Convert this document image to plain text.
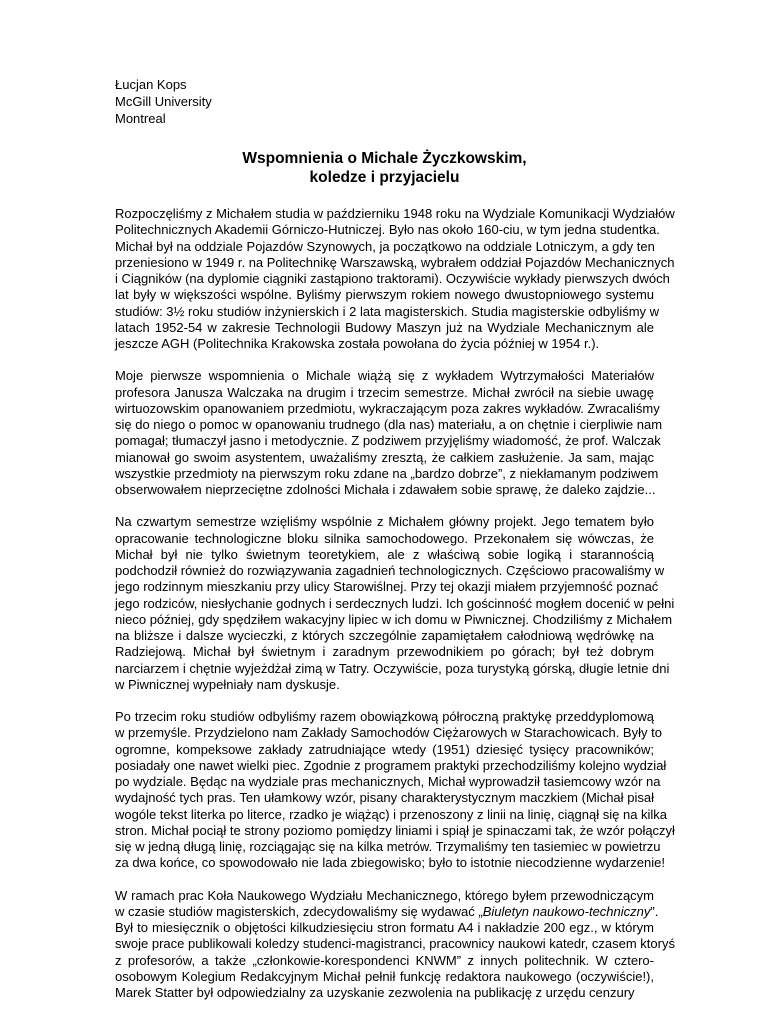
Łucjan Kops
McGill University
Montreal
Wspomnienia o Michale Życzkowskim,
koledze i przyjacielu
Rozpoczęliśmy z Michałem studia w październiku 1948 roku na Wydziale Komunikacji Wydziałów
Politechnicznych Akademii Górniczo-Hutniczej. Było nas około 160-ciu, w tym jedna studentka.
Michał był na oddziale Pojazdów Szynowych, ja początkowo na oddziale Lotniczym, a gdy ten
przeniesiono w 1949 r. na Politechnikę Warszawską, wybrałem oddział Pojazdów Mechanicznych
i Ciągników (na dyplomie ciągniki zastąpiono traktorami). Oczywiście wykłady pierwszych dwóch
lat były w większości wspólne. Byliśmy pierwszym rokiem nowego dwustopniowego systemu
studiów: 3½ roku studiów inżynierskich i 2 lata magisterskich. Studia magisterskie odbyliśmy w
latach 1952-54 w zakresie Technologii Budowy Maszyn już na Wydziale Mechanicznym ale
jeszcze AGH (Politechnika Krakowska została powołana do życia później w 1954 r.).
Moje pierwsze wspomnienia o Michale wiążą się z wykładem Wytrzymałości Materiałów
profesora Janusza Walczaka na drugim i trzecim semestrze. Michał zwrócił na siebie uwagę
wirtuozowskim opanowaniem przedmiotu, wykraczającym poza zakres wykładów. Zwracaliśmy
się do niego o pomoc w opanowaniu trudnego (dla nas) materiału, a on chętnie i cierpliwie nam
pomagał; tłumaczył jasno i metodycznie. Z podziwem przyjęliśmy wiadomość, że prof. Walczak
mianował go swoim asystentem, uważaliśmy zresztą, że całkiem zasłużenie. Ja sam, mając
wszystkie przedmioty na pierwszym roku zdane na „bardzo dobrze”, z niekłamanym podziwem
obserwowałem nieprzeciętne zdolności Michała i zdawałem sobie sprawę, że daleko zajdzie...
Na czwartym semestrze wzięliśmy wspólnie z Michałem główny projekt. Jego tematem było
opracowanie technologiczne bloku silnika samochodowego. Przekonałem się wówczas, że
Michał był nie tylko świetnym teoretykiem, ale z właściwą sobie logiką i starannością
podchodził również do rozwiązywania zagadnień technologicznych. Częściowo pracowaliśmy w
jego rodzinnym mieszkaniu przy ulicy Starowiślnej. Przy tej okazji miałem przyjemność poznać
jego rodziców, niesłychanie godnych i serdecznych ludzi. Ich gościnność mogłem docenić w pełni
nieco później, gdy spędziłem wakacyjny lipiec w ich domu w Piwnicznej. Chodziliśmy z Michałem
na bliższe i dalsze wycieczki, z których szczególnie zapamiętałem całodniową wędrówkę na
Radziejową. Michał był świetnym i zaradnym przewodnikiem po górach; był też dobrym
narciarzem i chętnie wyjeżdżał zimą w Tatry. Oczywiście, poza turystyką górską, długie letnie dni
w Piwnicznej wypełniały nam dyskusje.
Po trzecim roku studiów odbyliśmy razem obowiązkową półroczną praktykę przeddyplomową
w przemyśle. Przydzielono nam Zakłady Samochodów Ciężarowych w Starachowicach. Były to
ogromne, kompeksowe zakłady zatrudniające wtedy (1951) dziesięć tysięcy pracowników;
posiadały one nawet wielki piec. Zgodnie z programem praktyki przechodziliśmy kolejno wydział
po wydziale. Będąc na wydziale pras mechanicznych, Michał wyprowadził tasiemcowy wzór na
wydajność tych pras. Ten ułamkowy wzór, pisany charakterystycznym maczkiem (Michał pisał
wogóle tekst literka po literce, rzadko je wiążąc) i przenoszony z linii na linię, ciągnął się na kilka
stron. Michał pociął te strony poziomo pomiędzy liniami i spiął je spinaczami tak, że wzór połączył
się w jedną długą linię, rozciągając się na kilka metrów. Trzymaliśmy ten tasiemiec w powietrzu
za dwa końce, co spowodowało nie lada zbiegowisko; było to istotnie niecodzienne wydarzenie!
W ramach prac Koła Naukowego Wydziału Mechanicznego, którego byłem przewodniczącym
w czasie studiów magisterskich, zdecydowaliśmy się wydawać „Biuletyn naukowo-techniczny”.
Był to miesięcznik o objętości kilkudziesięciu stron formatu A4 i nakładzie 200 egz., w którym
swoje prace publikowali koledzy studenci-magistranci, pracownicy naukowi katedr, czasem ktoryś
z profesorów, a także „członkowie-korespondenci KNWM” z innych politechnik. W cztero-
osobowym Kolegium Redakcyjnym Michał pełnił funkcję redaktora naukowego (oczywiście!),
Marek Statter był odpowiedzialny za uzyskanie zezwolenia na publikację z urzędu cenzury
